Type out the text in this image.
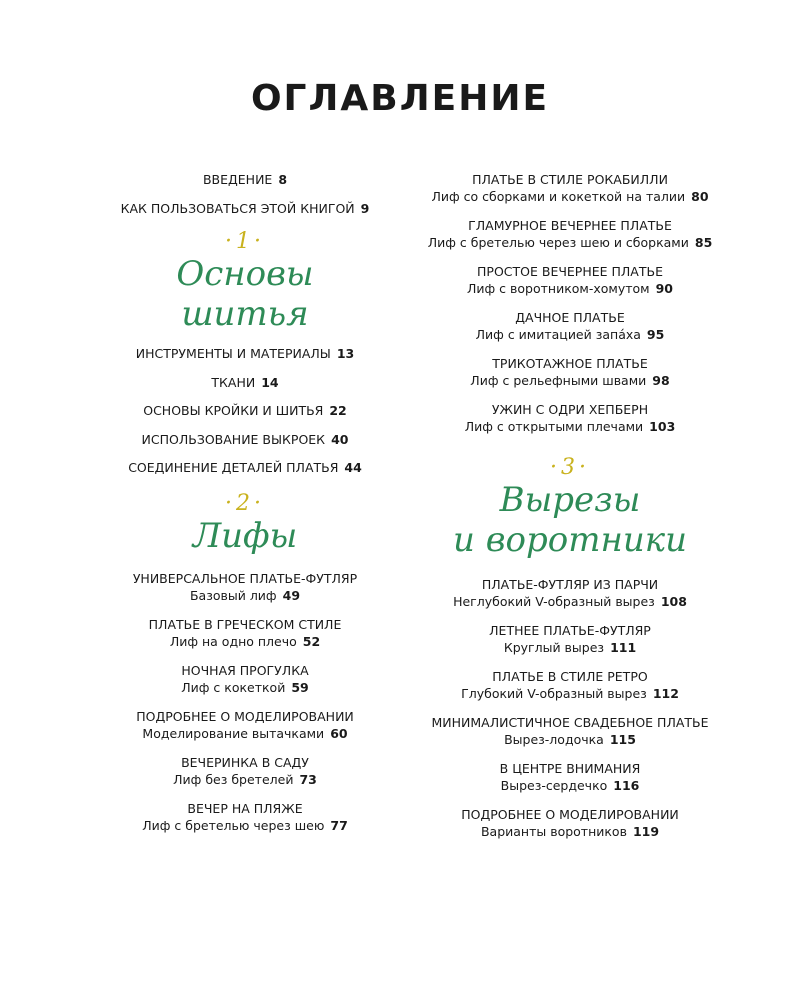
ОГЛАВЛЕНИЕ
ВВЕДЕНИЕ 8
КАК ПОЛЬЗОВАТЬСЯ ЭТОЙ КНИГОЙ 9
·1·
Основы
шитья
ИНСТРУМЕНТЫ И МАТЕРИАЛЫ 13
ТКАНИ 14
ОСНОВЫ КРОЙКИ И ШИТЬЯ 22
ИСПОЛЬЗОВАНИЕ ВЫКРОЕК 40
СОЕДИНЕНИЕ ДЕТАЛЕЙ ПЛАТЬЯ 44
·2·
Лифы
УНИВЕРСАЛЬНОЕ ПЛАТЬЕ-ФУТЛЯР
Базовый лиф 49
ПЛАТЬЕ В ГРЕЧЕСКОМ СТИЛЕ
Лиф на одно плечо 52
НОЧНАЯ ПРОГУЛКА
Лиф с кокеткой 59
ПОДРОБНЕЕ О МОДЕЛИРОВАНИИ
Моделирование вытачками 60
ВЕЧЕРИНКА В САДУ
Лиф без бретелей 73
ВЕЧЕР НА ПЛЯЖЕ
Лиф с бретелью через шею 77
ПЛАТЬЕ В СТИЛЕ РОКАБИЛЛИ
Лиф со сборками и кокеткой на талии 80
ГЛАМУРНОЕ ВЕЧЕРНЕЕ ПЛАТЬЕ
Лиф с бретелью через шею и сборками 85
ПРОСТОЕ ВЕЧЕРНЕЕ ПЛАТЬЕ
Лиф с воротником-хомутом 90
ДАЧНОЕ ПЛАТЬЕ
Лиф с имитацией запáха 95
ТРИКОТАЖНОЕ ПЛАТЬЕ
Лиф с рельефными швами 98
УЖИН С ОДРИ ХЕПБЕРН
Лиф с открытыми плечами 103
·3·
Вырезы
и воротники
ПЛАТЬЕ-ФУТЛЯР ИЗ ПАРЧИ
Неглубокий V-образный вырез 108
ЛЕТНЕЕ ПЛАТЬЕ-ФУТЛЯР
Круглый вырез 111
ПЛАТЬЕ В СТИЛЕ РЕТРО
Глубокий V-образный вырез 112
МИНИМАЛИСТИЧНОЕ СВАДЕБНОЕ ПЛАТЬЕ
Вырез-лодочка 115
В ЦЕНТРЕ ВНИМАНИЯ
Вырез-сердечко 116
ПОДРОБНЕЕ О МОДЕЛИРОВАНИИ
Варианты воротников 119
